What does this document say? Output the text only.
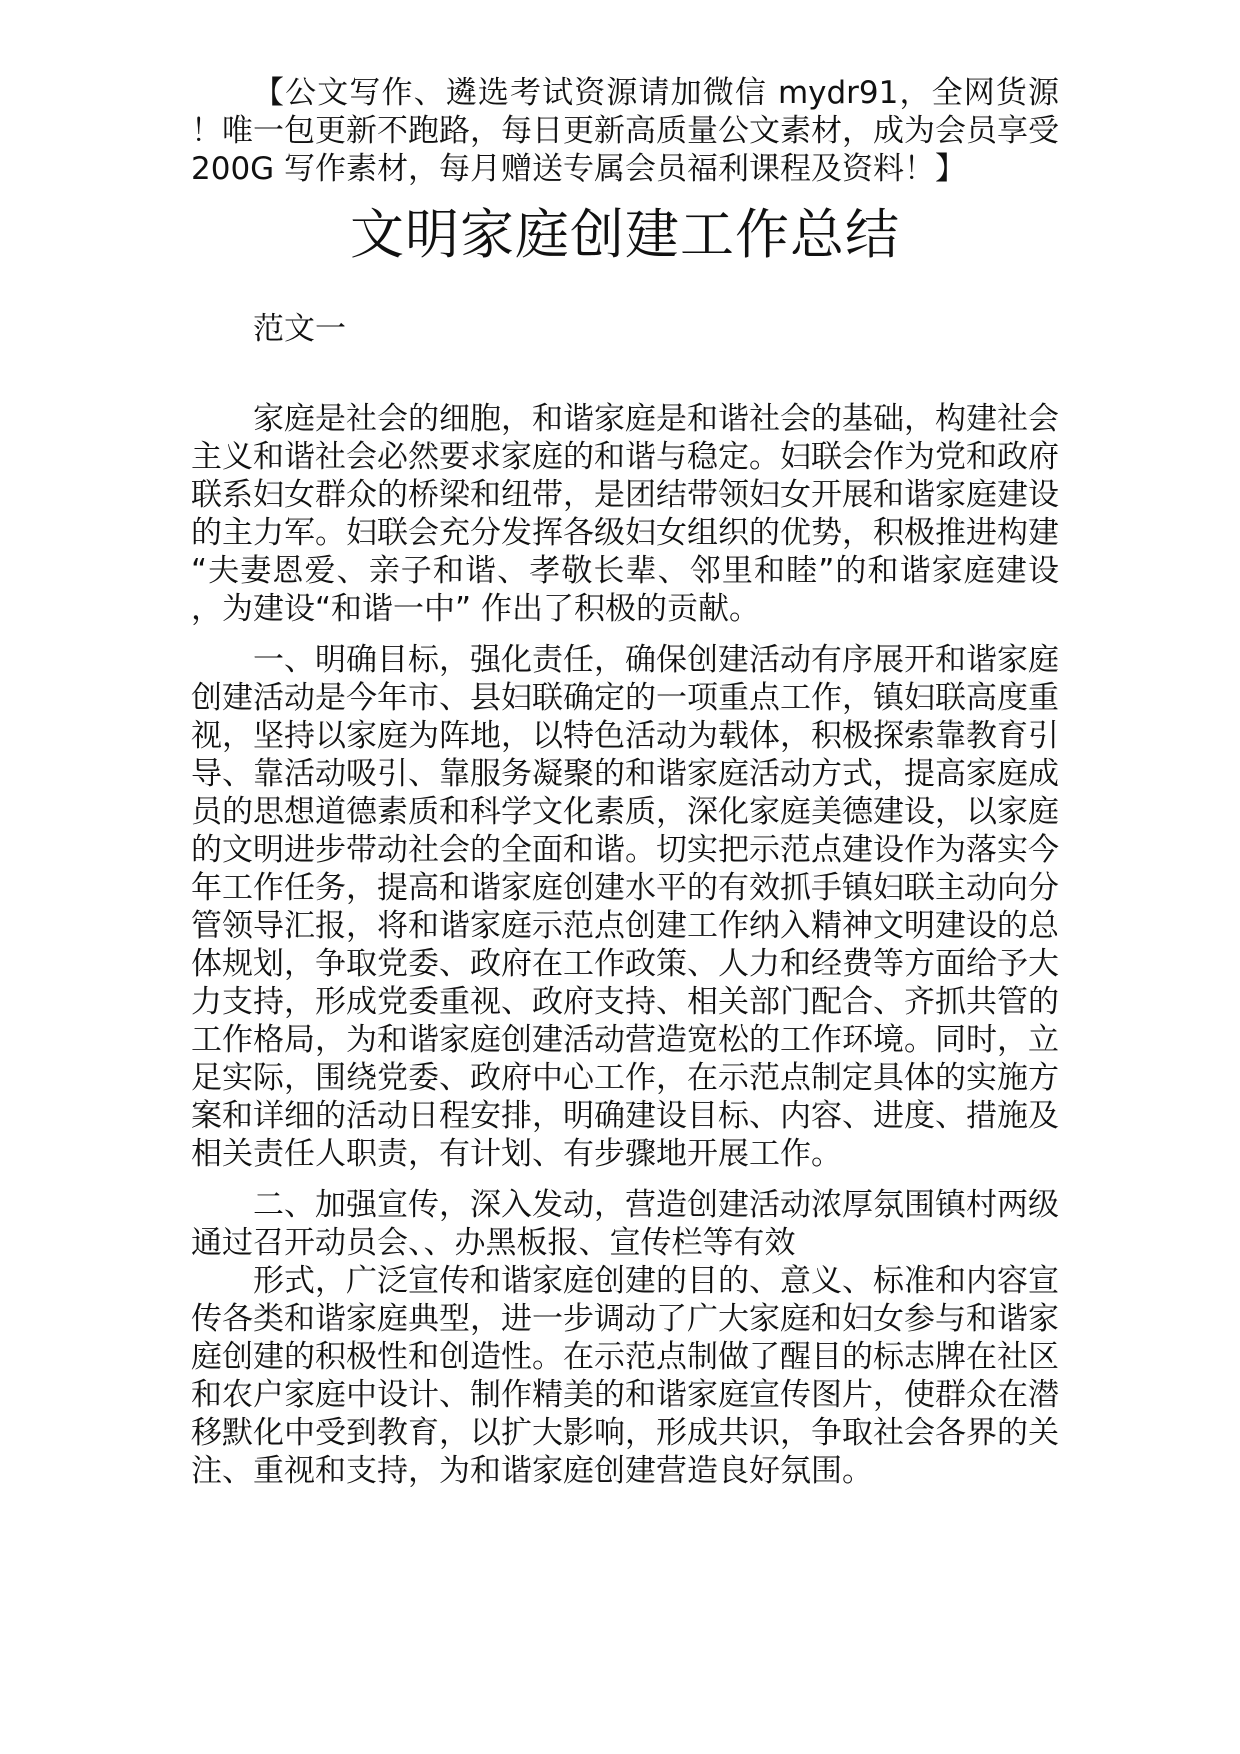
【公文写作、遴选考试资源请加微信 mydr91，全网货源！唯一包更新不跑路，每日更新高质量公文素材，成为会员享受 200G 写作素材，每月赠送专属会员福利课程及资料！】

文明家庭创建工作总结

范文一

家庭是社会的细胞，和谐家庭是和谐社会的基础，构建社会主义和谐社会必然要求家庭的和谐与稳定。妇联会作为党和政府联系妇女群众的桥梁和纽带，是团结带领妇女开展和谐家庭建设的主力军。妇联会充分发挥各级妇女组织的优势，积极推进构建“夫妻恩爱、亲子和谐、孝敬长辈、邻里和睦”的和谐家庭建设，为建设“和谐一中” 作出了积极的贡献。

一、明确目标，强化责任，确保创建活动有序展开和谐家庭创建活动是今年市、县妇联确定的一项重点工作，镇妇联高度重视，坚持以家庭为阵地，以特色活动为载体，积极探索靠教育引导、靠活动吸引、靠服务凝聚的和谐家庭活动方式，提高家庭成员的思想道德素质和科学文化素质，深化家庭美德建设，以家庭的文明进步带动社会的全面和谐。切实把示范点建设作为落实今年工作任务，提高和谐家庭创建水平的有效抓手镇妇联主动向分管领导汇报，将和谐家庭示范点创建工作纳入精神文明建设的总体规划，争取党委、政府在工作政策、人力和经费等方面给予大力支持，形成党委重视、政府支持、相关部门配合、齐抓共管的工作格局，为和谐家庭创建活动营造宽松的工作环境。同时，立足实际，围绕党委、政府中心工作，在示范点制定具体的实施方案和详细的活动日程安排，明确建设目标、内容、进度、措施及相关责任人职责，有计划、有步骤地开展工作。

二、加强宣传，深入发动，营造创建活动浓厚氛围镇村两级通过召开动员会、、办黑板报、宣传栏等有效

形式，广泛宣传和谐家庭创建的目的、意义、标准和内容宣传各类和谐家庭典型，进一步调动了广大家庭和妇女参与和谐家庭创建的积极性和创造性。在示范点制做了醒目的标志牌在社区和农户家庭中设计、制作精美的和谐家庭宣传图片，使群众在潜移默化中受到教育，以扩大影响，形成共识，争取社会各界的关注、重视和支持，为和谐家庭创建营造良好氛围。
